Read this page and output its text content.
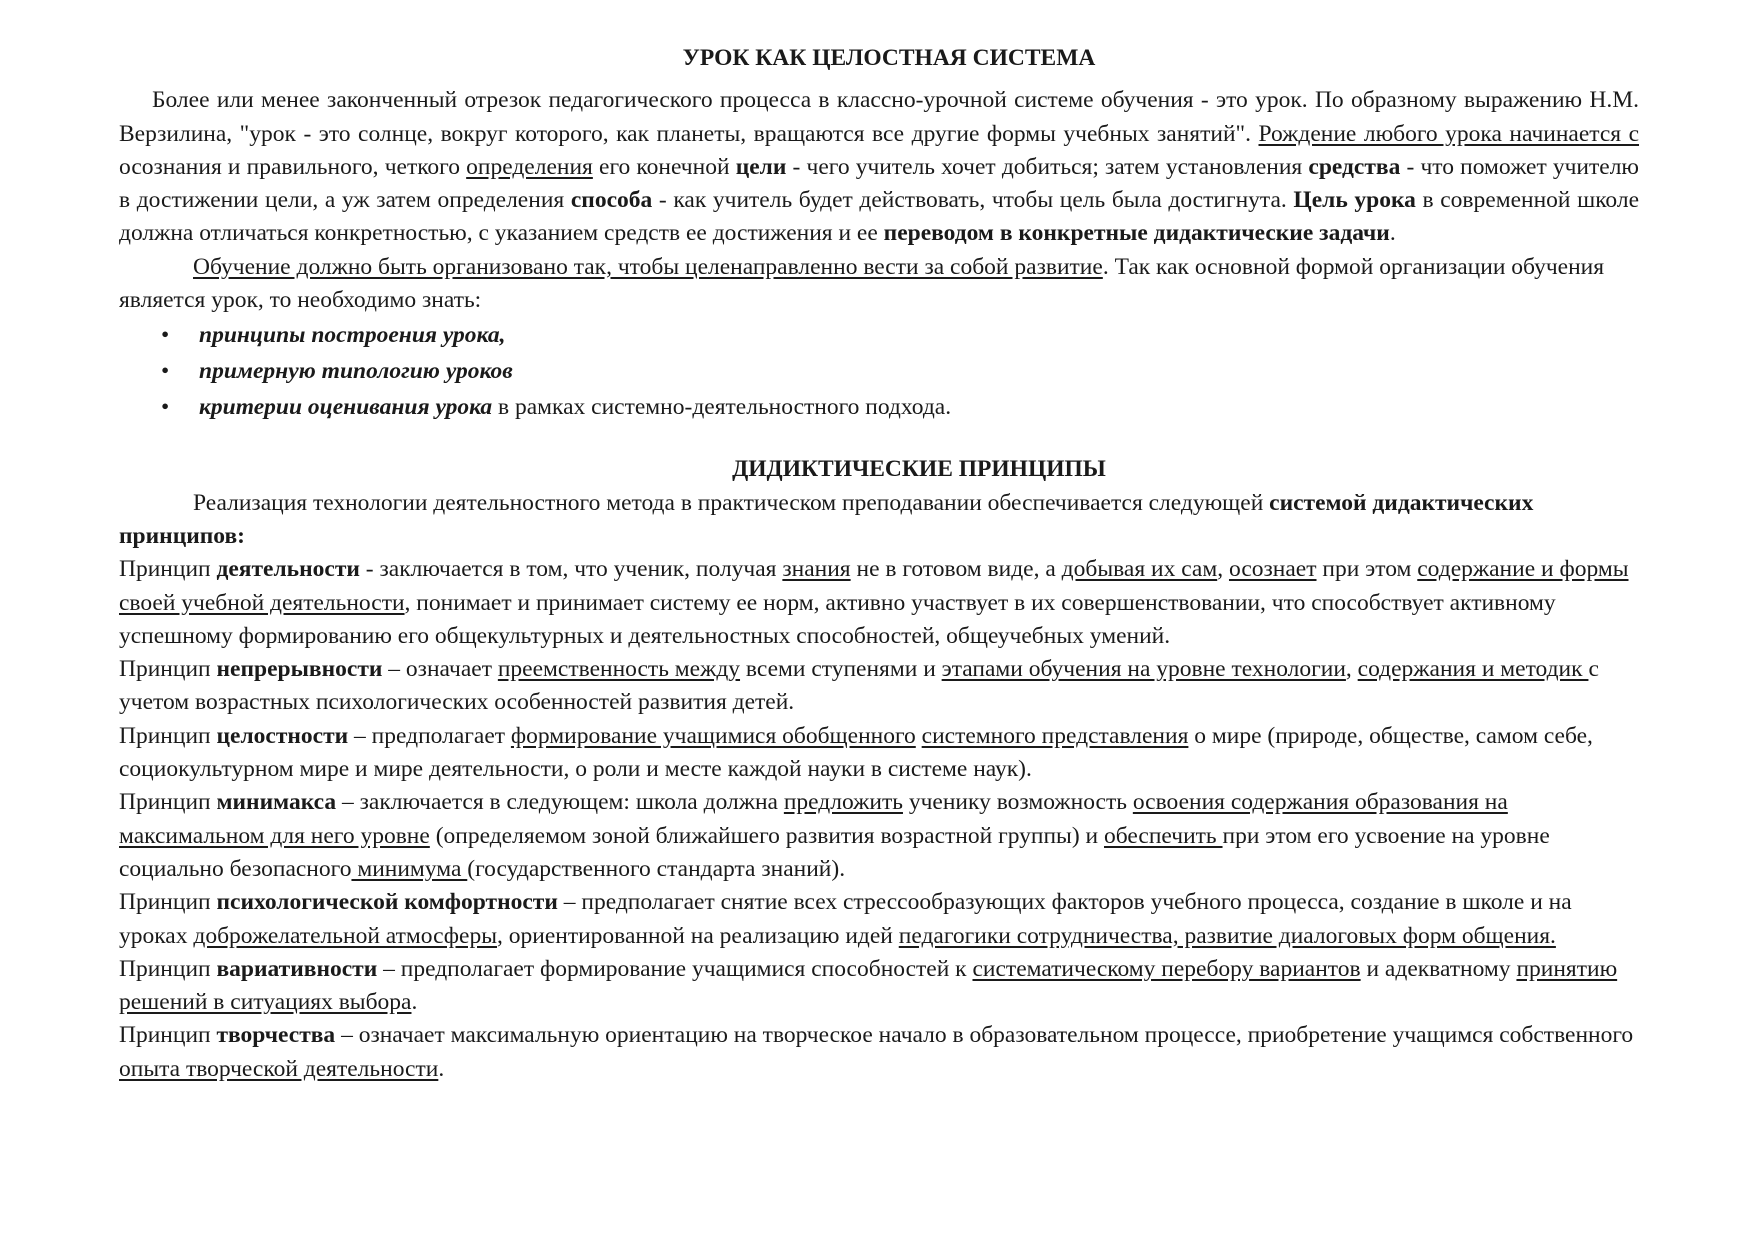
УРОК КАК ЦЕЛОСТНАЯ СИСТЕМА

Более или менее законченный отрезок педагогического процесса в классно-урочной системе обучения - это урок. По образному выражению Н.М. Верзилина, "урок - это солнце, вокруг которого, как планеты, вращаются все другие формы учебных занятий". Рождение любого урока начинается с осознания и правильного, четкого определения его конечной цели - чего учитель хочет добиться; затем установления средства - что поможет учителю в достижении цели, а уж затем определения способа - как учитель будет действовать, чтобы цель была достигнута. Цель урока в современной школе должна отличаться конкретностью, с указанием средств ее достижения и ее переводом в конкретные дидактические задачи.

Обучение должно быть организовано так, чтобы целенаправленно вести за собой развитие. Так как основной формой организации обучения является урок, то необходимо знать:

• принципы построения урока,
• примерную типологию уроков
• критерии оценивания урока в рамках системно-деятельностного подхода.
ДИДИКТИЧЕСКИЕ ПРИНЦИПЫ

Реализация технологии деятельностного метода в практическом преподавании обеспечивается следующей системой дидактических принципов:

Принцип деятельности - заключается в том, что ученик, получая знания не в готовом виде, а добывая их сам, осознает при этом содержание и формы своей учебной деятельности, понимает и принимает систему ее норм, активно участвует в их совершенствовании, что способствует активному успешному формированию его общекультурных и деятельностных способностей, общеучебных умений.

Принцип непрерывности – означает преемственность между всеми ступенями и этапами обучения на уровне технологии, содержания и методик с учетом возрастных психологических особенностей развития детей.

Принцип целостности – предполагает формирование учащимися обобщенного системного представления о мире (природе, обществе, самом себе, социокультурном мире и мире деятельности, о роли и месте каждой науки в системе наук).

Принцип минимакса – заключается в следующем: школа должна предложить ученику возможность освоения содержания образования на максимальном для него уровне (определяемом зоной ближайшего развития возрастной группы) и обеспечить при этом его усвоение на уровне социально безопасного минимума (государственного стандарта знаний).

Принцип психологической комфортности – предполагает снятие всех стрессообразующих факторов учебного процесса, создание в школе и на уроках доброжелательной атмосферы, ориентированной на реализацию идей педагогики сотрудничества, развитие диалоговых форм общения.

Принцип вариативности – предполагает формирование учащимися способностей к систематическому перебору вариантов и адекватному принятию решений в ситуациях выбора.

Принцип творчества – означает максимальную ориентацию на творческое начало в образовательном процессе, приобретение учащимся собственного опыта творческой деятельности.
